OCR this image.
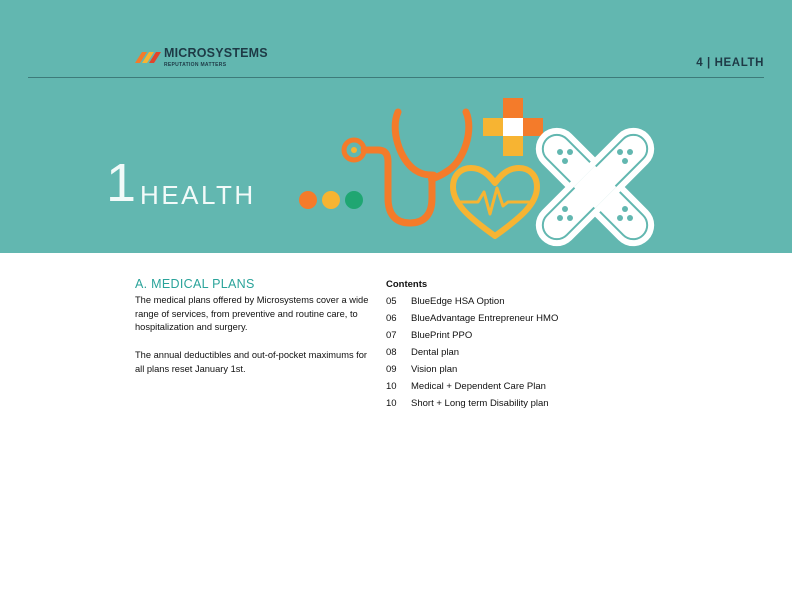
MICROSYSTEMS
REPUTATION MATTERS	4 | HEALTH
1 HEALTH
A. MEDICAL PLANS
The medical plans offered by Microsystems cover a wide range of services, from preventive and routine care, to hospitalization and surgery.
The annual deductibles and out-of-pocket maximums for all plans reset January 1st.
Contents
05 BlueEdge HSA Option
06 BlueAdvantage Entrepreneur HMO
07 BluePrint PPO
08 Dental plan
09 Vision plan
10 Medical + Dependent Care Plan
10 Short + Long term Disability plan
